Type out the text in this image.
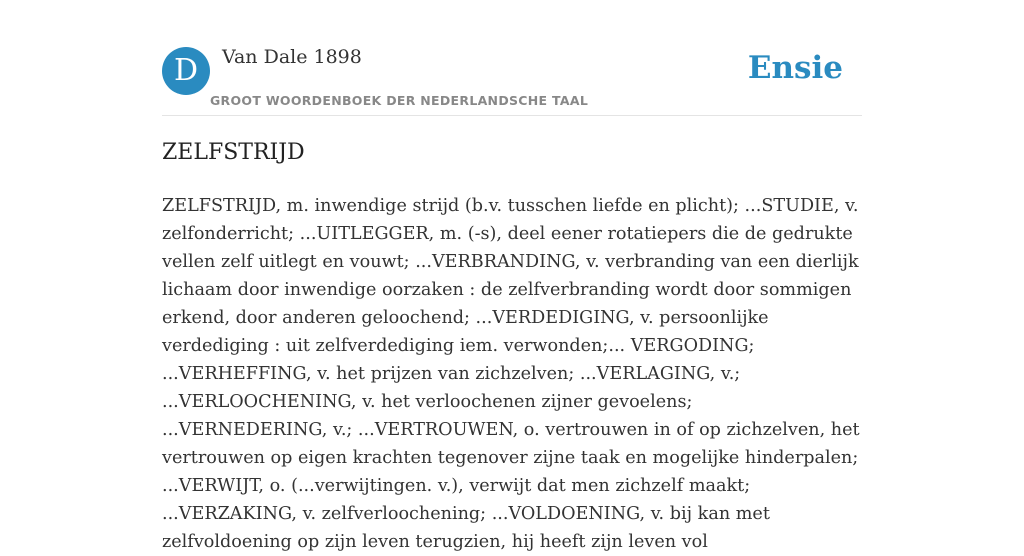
D	Van Dale 1898
GROOT WOORDENBOEK DER NEDERLANDSCHE TAAL
Ensie
ZELFSTRIJD

ZELFSTRIJD, m. inwendige strijd (b.v. tusschen liefde en plicht); ...STUDIE, v. zelfonderricht; ...UITLEGGER, m. (-s), deel eener rotatiepers die de gedrukte vellen zelf uitlegt en vouwt; ...VERBRANDING, v. verbranding van een dierlijk lichaam door inwendige oorzaken : de zelfverbranding wordt door sommigen erkend, door anderen geloochend; ...VERDEDIGING, v. persoonlijke verdediging : uit zelfverdediging iem. verwonden;... VERGODING; ...VERHEFFING, v. het prijzen van zichzelven; ...VERLAGING, v.; ...VERLOOCHENING, v. het verloochenen zijner gevoelens; ...VERNEDERING, v.; ...VERTROUWEN, o. vertrouwen in of op zichzelven, het vertrouwen op eigen krachten tegenover zijne taak en mogelijke hinderpalen; ...VERWIJT, o. (...verwijtingen. v.), verwijt dat men zichzelf maakt; ...VERZAKING, v. zelfverloochening; ...VOLDOENING, v. bij kan met zelfvoldoening op zijn leven terugzien, hij heeft zijn leven vol
